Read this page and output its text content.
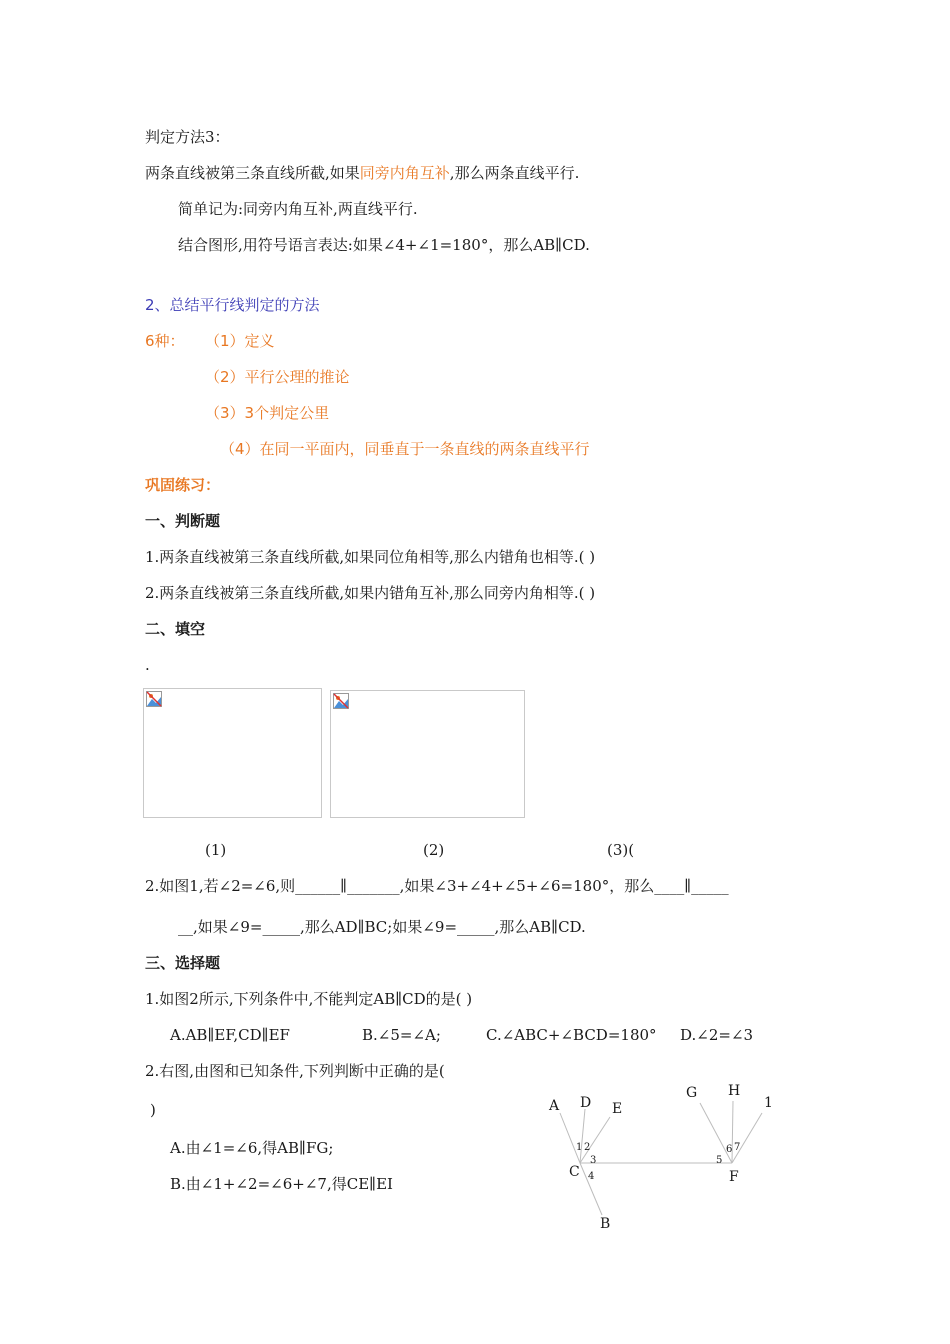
判定方法3：
两条直线被第三条直线所截,如果同旁内角互补,那么两条直线平行.
简单记为:同旁内角互补,两直线平行.
结合图形,用符号语言表达:如果∠4+∠1=180°，那么AB∥CD.
2、总结平行线判定的方法
6种： （1）定义
（2）平行公理的推论
（3）3个判定公里
（4）在同一平面内，同垂直于一条直线的两条直线平行
巩固练习：
一、判断题
1.两条直线被第三条直线所截,如果同位角相等,那么内错角也相等.( )
2.两条直线被第三条直线所截,如果内错角互补,那么同旁内角相等.( )
二、填空
.
(1)	(2)	(3)(
2.如图1,若∠2=∠6,则______∥_______,如果∠3+∠4+∠5+∠6=180°，那么____∥_____
__,如果∠9=_____,那么AD∥BC;如果∠9=_____,那么AB∥CD.
三、选择题
1.如图2所示,下列条件中,不能判定AB∥CD的是( )
A.AB∥EF,CD∥EF	B.∠5=∠A;	C.∠ABC+∠BCD=180° D.∠2=∠3
2.右图,由图和已知条件,下列判断中正确的是(
)
A.由∠1=∠6,得AB∥FG;
B.由∠1+∠2=∠6+∠7,得CE∥EI
A D E
C
B
G H
1
F
1 2
3
4
5
6 7
